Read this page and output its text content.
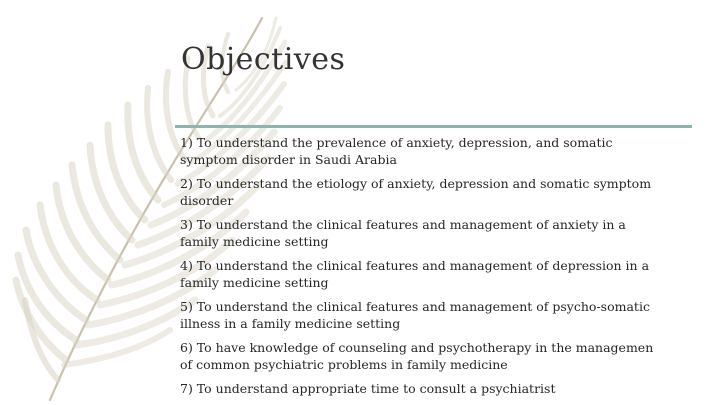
Objectives
1) To understand the prevalence of anxiety, depression, and somatic
symptom disorder in Saudi Arabia
2) To understand the etiology of anxiety, depression and somatic symptom
disorder
3) To understand the clinical features and management of anxiety in a
family medicine setting
4) To understand the clinical features and management of depression in a
family medicine setting
5) To understand the clinical features and management of psycho-somatic
illness in a family medicine setting
6) To have knowledge of counseling and psychotherapy in the managemen
of common psychiatric problems in family medicine
7) To understand appropriate time to consult a psychiatrist
